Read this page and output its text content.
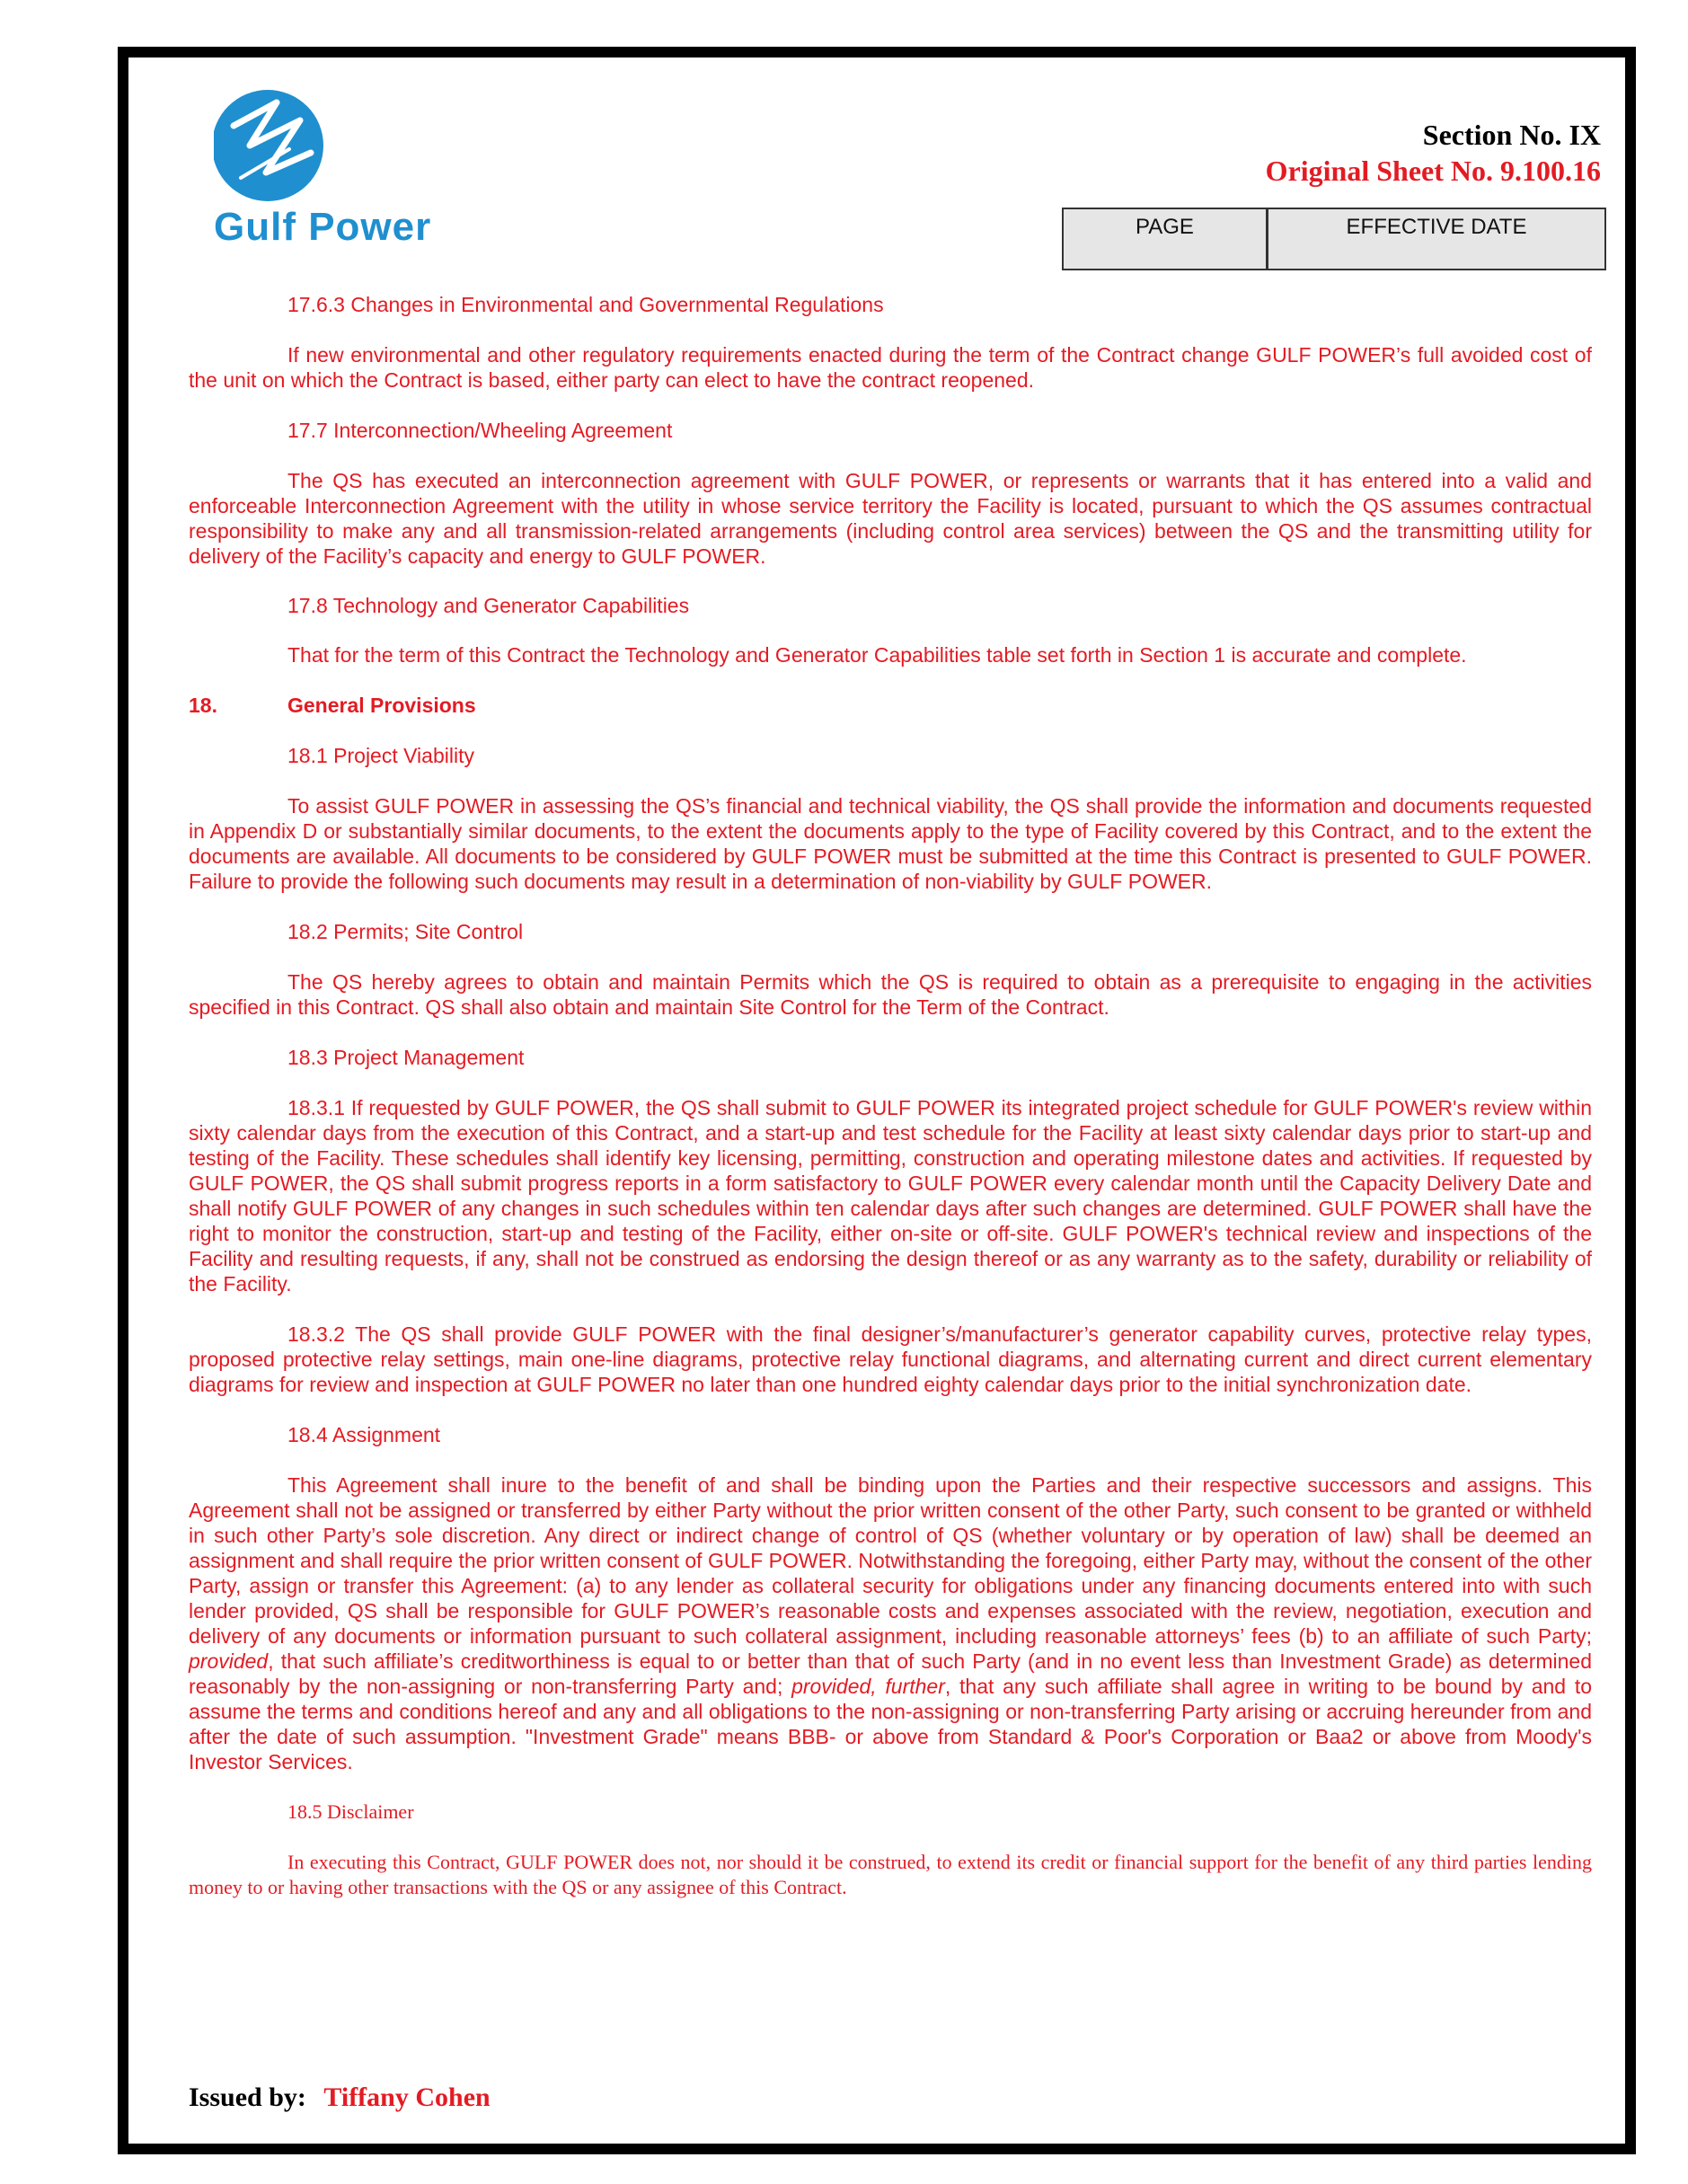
Gulf Power
Section No. IX
Original Sheet No. 9.100.16
PAGE	EFFECTIVE DATE
17.6.3 Changes in Environmental and Governmental Regulations

If new environmental and other regulatory requirements enacted during the term of the Contract change GULF POWER’s full avoided cost of the unit on which the Contract is based, either party can elect to have the contract reopened.

17.7 Interconnection/Wheeling Agreement

The QS has executed an interconnection agreement with GULF POWER, or represents or warrants that it has entered into a valid and enforceable Interconnection Agreement with the utility in whose service territory the Facility is located, pursuant to which the QS assumes contractual responsibility to make any and all transmission-related arrangements (including control area services) between the QS and the transmitting utility for delivery of the Facility’s capacity and energy to GULF POWER.

17.8 Technology and Generator Capabilities

That for the term of this Contract the Technology and Generator Capabilities table set forth in Section 1 is accurate and complete.

18.	General Provisions
18.1 Project Viability

To assist GULF POWER in assessing the QS’s financial and technical viability, the QS shall provide the information and documents requested in Appendix D or substantially similar documents, to the extent the documents apply to the type of Facility covered by this Contract, and to the extent the documents are available. All documents to be considered by GULF POWER must be submitted at the time this Contract is presented to GULF POWER. Failure to provide the following such documents may result in a determination of non-viability by GULF POWER.

18.2 Permits; Site Control

The QS hereby agrees to obtain and maintain Permits which the QS is required to obtain as a prerequisite to engaging in the activities specified in this Contract. QS shall also obtain and maintain Site Control for the Term of the Contract.

18.3 Project Management

18.3.1 If requested by GULF POWER, the QS shall submit to GULF POWER its integrated project schedule for GULF POWER's review within sixty calendar days from the execution of this Contract, and a start-up and test schedule for the Facility at least sixty calendar days prior to start-up and testing of the Facility. These schedules shall identify key licensing, permitting, construction and operating milestone dates and activities. If requested by GULF POWER, the QS shall submit progress reports in a form satisfactory to GULF POWER every calendar month until the Capacity Delivery Date and shall notify GULF POWER of any changes in such schedules within ten calendar days after such changes are determined. GULF POWER shall have the right to monitor the construction, start-up and testing of the Facility, either on-site or off-site. GULF POWER's technical review and inspections of the Facility and resulting requests, if any, shall not be construed as endorsing the design thereof or as any warranty as to the safety, durability or reliability of the Facility.

18.3.2 The QS shall provide GULF POWER with the final designer’s/manufacturer’s generator capability curves, protective relay types, proposed protective relay settings, main one-line diagrams, protective relay functional diagrams, and alternating current and direct current elementary diagrams for review and inspection at GULF POWER no later than one hundred eighty calendar days prior to the initial synchronization date.

18.4 Assignment

This Agreement shall inure to the benefit of and shall be binding upon the Parties and their respective successors and assigns. This Agreement shall not be assigned or transferred by either Party without the prior written consent of the other Party, such consent to be granted or withheld in such other Party’s sole discretion. Any direct or indirect change of control of QS (whether voluntary or by operation of law) shall be deemed an assignment and shall require the prior written consent of GULF POWER. Notwithstanding the foregoing, either Party may, without the consent of the other Party, assign or transfer this Agreement: (a) to any lender as collateral security for obligations under any financing documents entered into with such lender provided, QS shall be responsible for GULF POWER’s reasonable costs and expenses associated with the review, negotiation, execution and delivery of any documents or information pursuant to such collateral assignment, including reasonable attorneys’ fees (b) to an affiliate of such Party; provided, that such affiliate’s creditworthiness is equal to or better than that of such Party (and in no event less than Investment Grade) as determined reasonably by the non-assigning or non-transferring Party and; provided, further, that any such affiliate shall agree in writing to be bound by and to assume the terms and conditions hereof and any and all obligations to the non-assigning or non-transferring Party arising or accruing hereunder from and after the date of such assumption. "Investment Grade" means BBB- or above from Standard & Poor's Corporation or Baa2 or above from Moody's Investor Services.

18.5 Disclaimer

In executing this Contract, GULF POWER does not, nor should it be construed, to extend its credit or financial support for the benefit of any third parties lending money to or having other transactions with the QS or any assignee of this Contract.

Issued by: Tiffany Cohen
